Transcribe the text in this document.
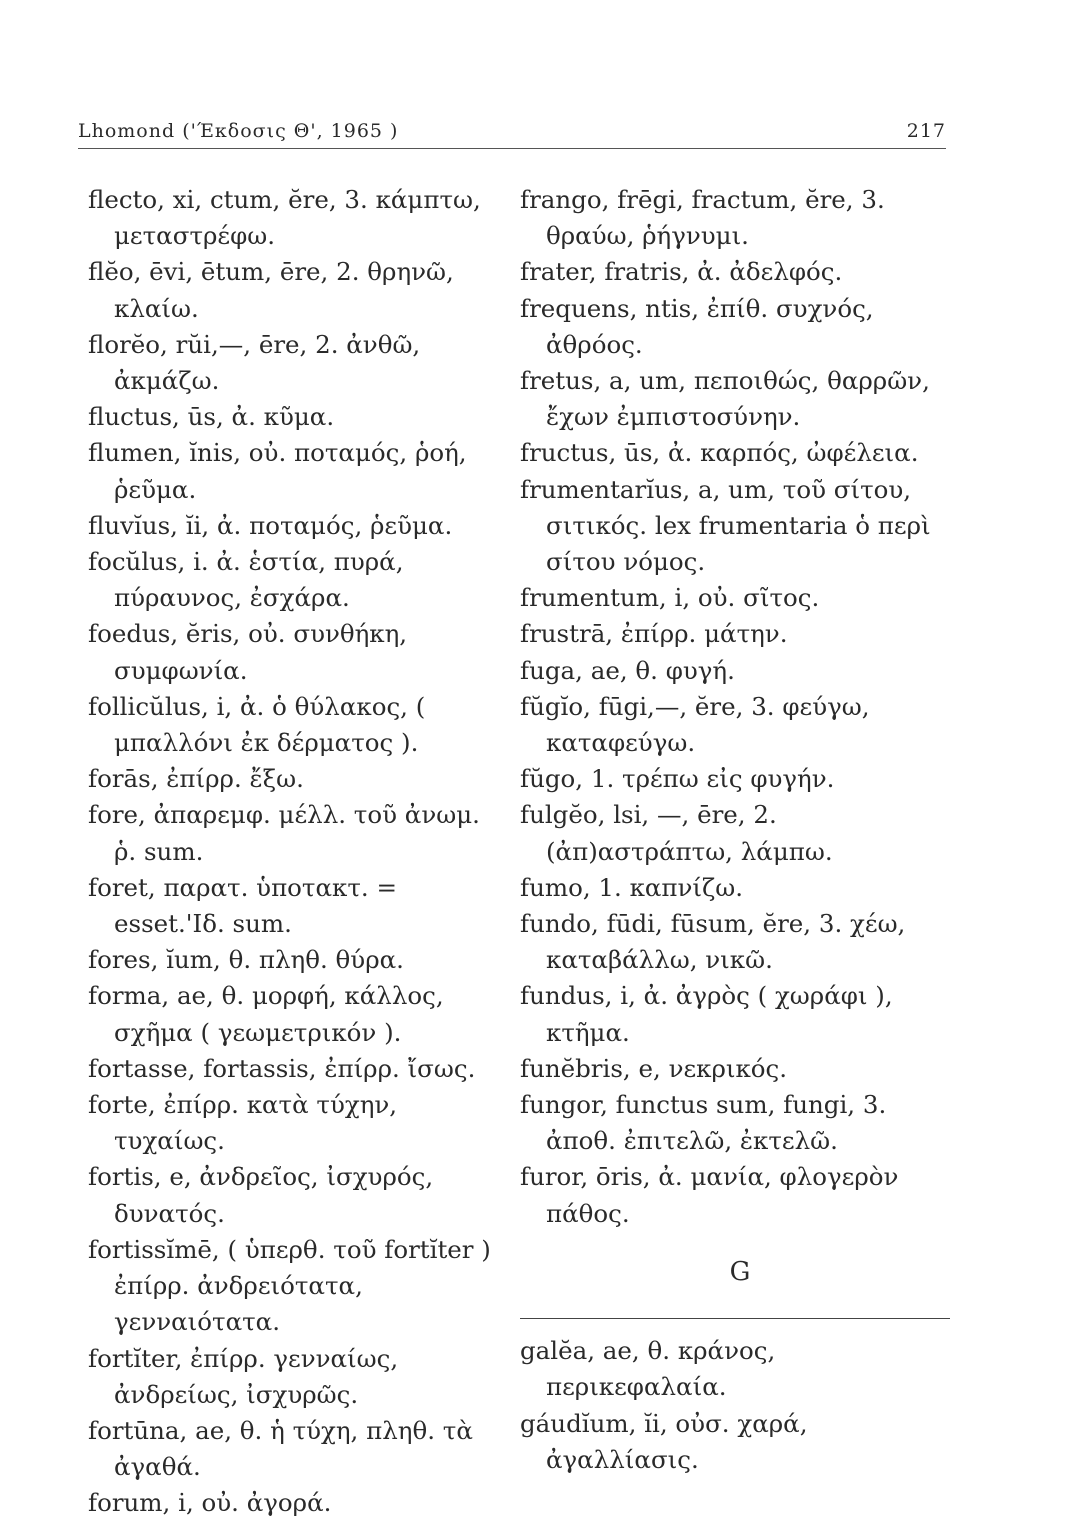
Lhomond ('Έκδοσις Θ', 1965 )	217

flecto, xi, ctum, ĕre, 3. κάμπτω, μεταστρέφω.

flĕo, ēvi, ētum, ēre, 2. θρηνῶ, κλαίω.

florĕo, rŭi,—, ēre, 2. ἀνθῶ, ἀκμάζω.

fluctus, ūs, ἀ. κῦμα.

flumen, ĭnis, οὐ. ποταμός, ῥοή, ῥεῦμα.

fluvĭus, ĭi, ἀ. ποταμός, ῥεῦμα.

focŭlus, i. ἀ. ἑστία, πυρά, πύραυνος, ἐσχάρα.

foedus, ĕris, οὐ. συνθήκη, συμφωνία.

follicŭlus, i, ἀ. ὁ θύλακος, ( μπαλλόνι ἐκ δέρματος ).

forās, ἐπίρρ. ἔξω.

fore, ἀπαρεμφ. μέλλ. τοῦ ἀνωμ. ῥ. sum.

foret, παρατ. ὑποτακτ. = esset.'Ιδ. sum.

fores, ĭum, θ. πληθ. θύρα.

forma, ae, θ. μορφή, κάλλος, σχῆμα ( γεωμετρικόν ).

fortasse, fortassis, ἐπίρρ. ἴσως.

forte, ἐπίρρ. κατὰ τύχην, τυχαίως.

fortis, e, ἀνδρεῖος, ἰσχυρός, δυνατός.

fortissĭmē, ( ὑπερθ. τοῦ fortĭter ) ἐπίρρ. ἀνδρειότατα, γενναιότατα.

fortĭter, ἐπίρρ. γενναίως, ἀνδρείως, ἰσχυρῶς.

fortūna, ae, θ. ἡ τύχη, πληθ. τὰ ἀγαθά.

forum, i, οὐ. ἀγορά.

frango, frēgi, fractum, ĕre, 3. θραύω, ῥήγνυμι.

frater, fratris, ἀ. ἀδελφός.

frequens, ntis, ἐπίθ. συχνός, ἀθρόος.

fretus, a, um, πεποιθώς, θαρρῶν, ἔχων ἐμπιστοσύνην.

fructus, ūs, ἀ. καρπός, ὠφέλεια.

frumentarĭus, a, um, τοῦ σίτου, σιτικός. lex frumentaria ὁ περὶ σίτου νόμος.

frumentum, i, οὐ. σῖτος.

frustrā, ἐπίρρ. μάτην.

fuga, ae, θ. φυγή.

fŭgĭo, fūgi,—, ĕre, 3. φεύγω, καταφεύγω.

fŭgo, 1. τρέπω εἰς φυγήν.

fulgĕo, lsi, —, ēre, 2. (ἀπ)αστράπτω, λάμπω.

fumo, 1. καπνίζω.

fundo, fūdi, fūsum, ĕre, 3. χέω, καταβάλλω, νικῶ.

fundus, i, ἀ. ἀγρὸς ( χωράφι ), κτῆμα.

funĕbris, e, νεκρικός.

fungor, functus sum, fungi, 3. ἀποθ. ἐπιτελῶ, ἐκτελῶ.

furor, ōris, ἀ. μανία, φλογερὸν πάθος.

G

galĕa, ae, θ. κράνος, περικεφαλαία.

gáudĭum, ĭi, οὐσ. χαρά, ἀγαλλίασις.
